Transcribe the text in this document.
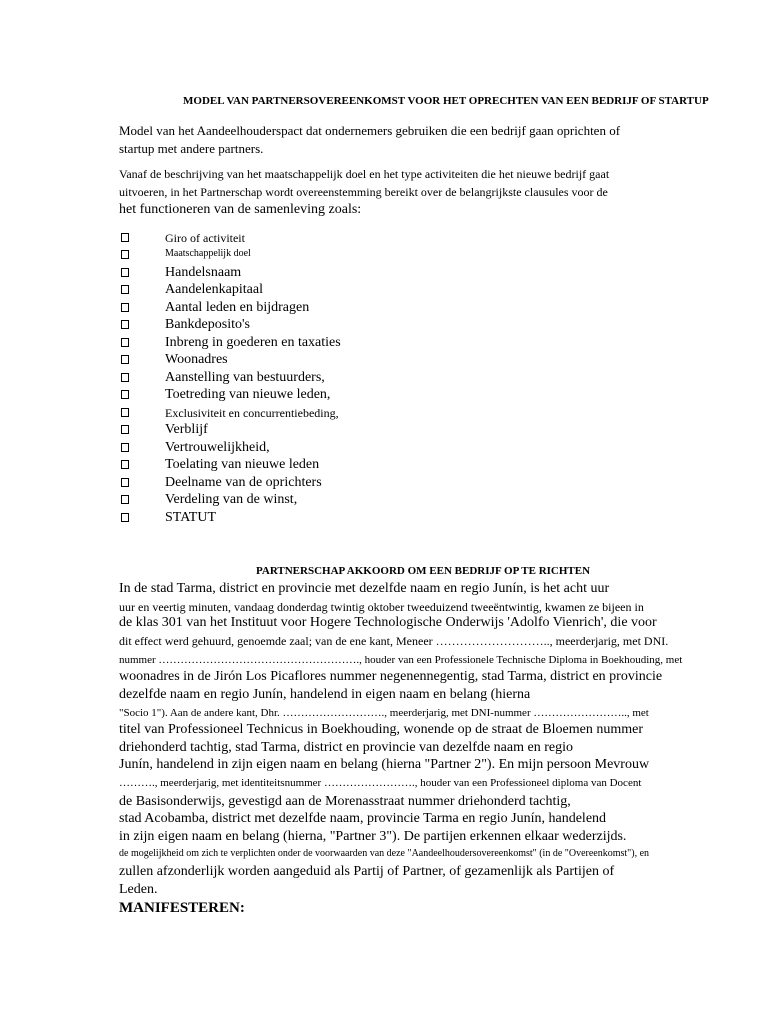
MODEL VAN PARTNERSOVEREENKOMST VOOR HET OPRECHTEN VAN EEN BEDRIJF OF STARTUP
Model van het Aandeelhouderspact dat ondernemers gebruiken die een bedrijf gaan oprichten of
startup met andere partners.
Vanaf de beschrijving van het maatschappelijk doel en het type activiteiten die het nieuwe bedrijf gaat
uitvoeren, in het Partnerschap wordt overeenstemming bereikt over de belangrijkste clausules voor de
het functioneren van de samenleving zoals:
Giro of activiteit
Maatschappelijk doel
Handelsnaam
Aandelenkapitaal
Aantal leden en bijdragen
Bankdeposito's
Inbreng in goederen en taxaties
Woonadres
Aanstelling van bestuurders,
Toetreding van nieuwe leden,
Exclusiviteit en concurrentiebeding,
Verblijf
Vertrouwelijkheid,
Toelating van nieuwe leden
Deelname van de oprichters
Verdeling van de winst,
STATUT
PARTNERSCHAP AKKOORD OM EEN BEDRIJF OP TE RICHTEN
In de stad Tarma, district en provincie met dezelfde naam en regio Junín, is het acht uur
uur en veertig minuten, vandaag donderdag twintig oktober tweeduizend tweeëntwintig, kwamen ze bijeen in
de klas 301 van het Instituut voor Hogere Technologische Onderwijs 'Adolfo Vienrich', die voor
dit effect werd gehuurd, genoemde zaal; van de ene kant, Meneer ……………………….., meerderjarig, met DNI.
nummer ………………………………………………., houder van een Professionele Technische Diploma in Boekhouding, met
woonadres in de Jirón Los Picaflores nummer negenennegentig, stad Tarma, district en provincie
dezelfde naam en regio Junín, handelend in eigen naam en belang (hierna
"Socio 1"). Aan de andere kant, Dhr. ………………………., meerderjarig, met DNI-nummer …………………….., met
titel van Professioneel Technicus in Boekhouding, wonende op de straat de Bloemen nummer
driehonderd tachtig, stad Tarma, district en provincie van dezelfde naam en regio
Junín, handelend in zijn eigen naam en belang (hierna "Partner 2"). En mijn persoon Mevrouw
………., meerderjarig, met identiteitsnummer ……………………., houder van een Professioneel diploma van Docent
de Basisonderwijs, gevestigd aan de Morenasstraat nummer driehonderd tachtig,
stad Acobamba, district met dezelfde naam, provincie Tarma en regio Junín, handelend
in zijn eigen naam en belang (hierna, "Partner 3"). De partijen erkennen elkaar wederzijds.
de mogelijkheid om zich te verplichten onder de voorwaarden van deze "Aandeelhoudersovereenkomst" (in de "Overeenkomst"), en
zullen afzonderlijk worden aangeduid als Partij of Partner, of gezamenlijk als Partijen of
Leden.
MANIFESTEREN:
